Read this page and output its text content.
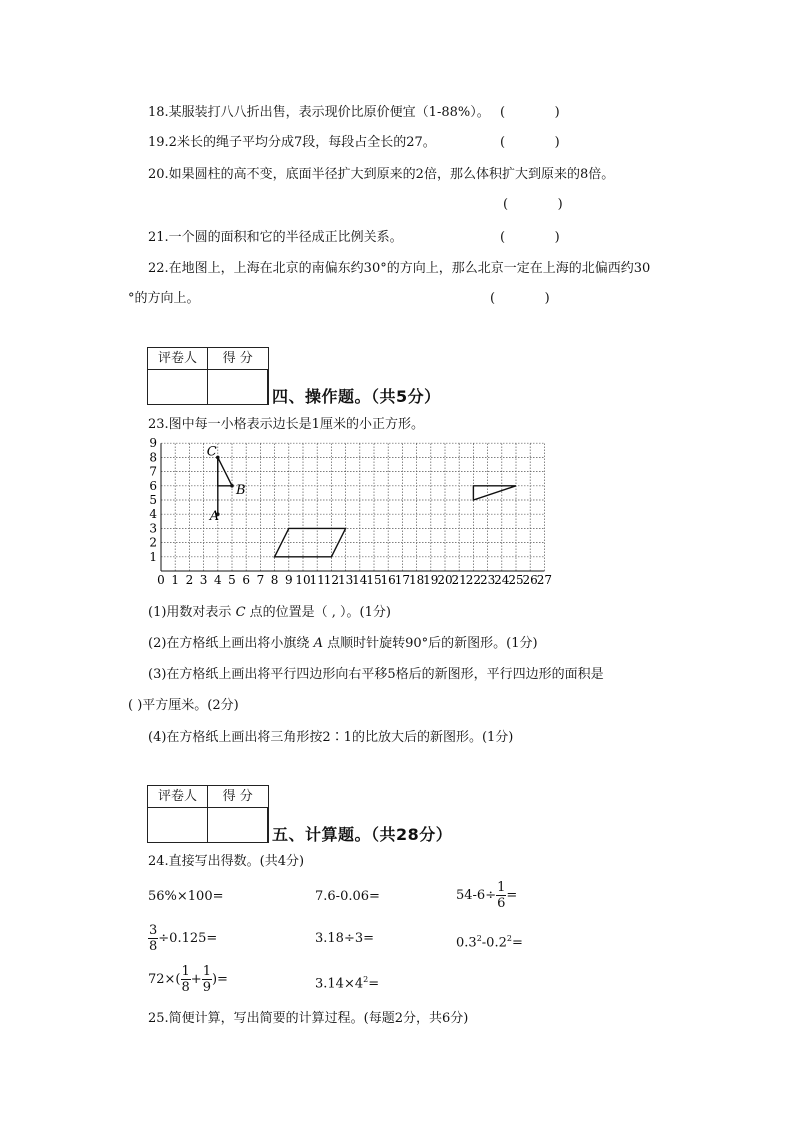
18.某服装打八八折出售，表示现价比原价便宜（1-88%）。 (            )
19.2米长的绳子平均分成7段，每段占全长的27。	(            )
20.如果圆柱的高不变，底面半径扩大到原来的2倍，那么体积扩大到原来的8倍。
(            )
21.一个圆的面积和它的半径成正比例关系。	(            )
22.在地图上，上海在北京的南偏东约30°的方向上，那么北京一定在上海的北偏西约30
°的方向上。	(            )
评卷人	得 分

四、操作题。（共5分）
23.图中每一小格表示边长是1厘米的小正方形。
0 1 2 3 4 5 6 7 8 9 10
11
12
13
14
15
16
17
18
19
20
21
22
23
24
25
26
27
1
2
3
4
5
6
7
8
9
A
B
C
(1)用数对表示 C 点的位置是（ , ）。(1分)
(2)在方格纸上画出将小旗绕 A 点顺时针旋转90°后的新图形。(1分)
(3)在方格纸上画出将平行四边形向右平移5格后的新图形，平行四边形的面积是
( )平方厘米。(2分)
(4)在方格纸上画出将三角形按2∶1的比放大后的新图形。(1分)
评卷人	得 分

五、计算题。（共28分）
24.直接写出得数。(共4分)
56%×100=	7.6-0.06=	$54-6\div \frac{1}{6}$ =
$\frac{3}{8} \div 0.125=$	3.18÷3=	$0.3^2-0.2^2=$
$72\times( \frac{1}{8} + \frac{1}{9}$ )=	$3.14\times 4^2=$
25.简便计算，写出简要的计算过程。(每题2分，共6分)
